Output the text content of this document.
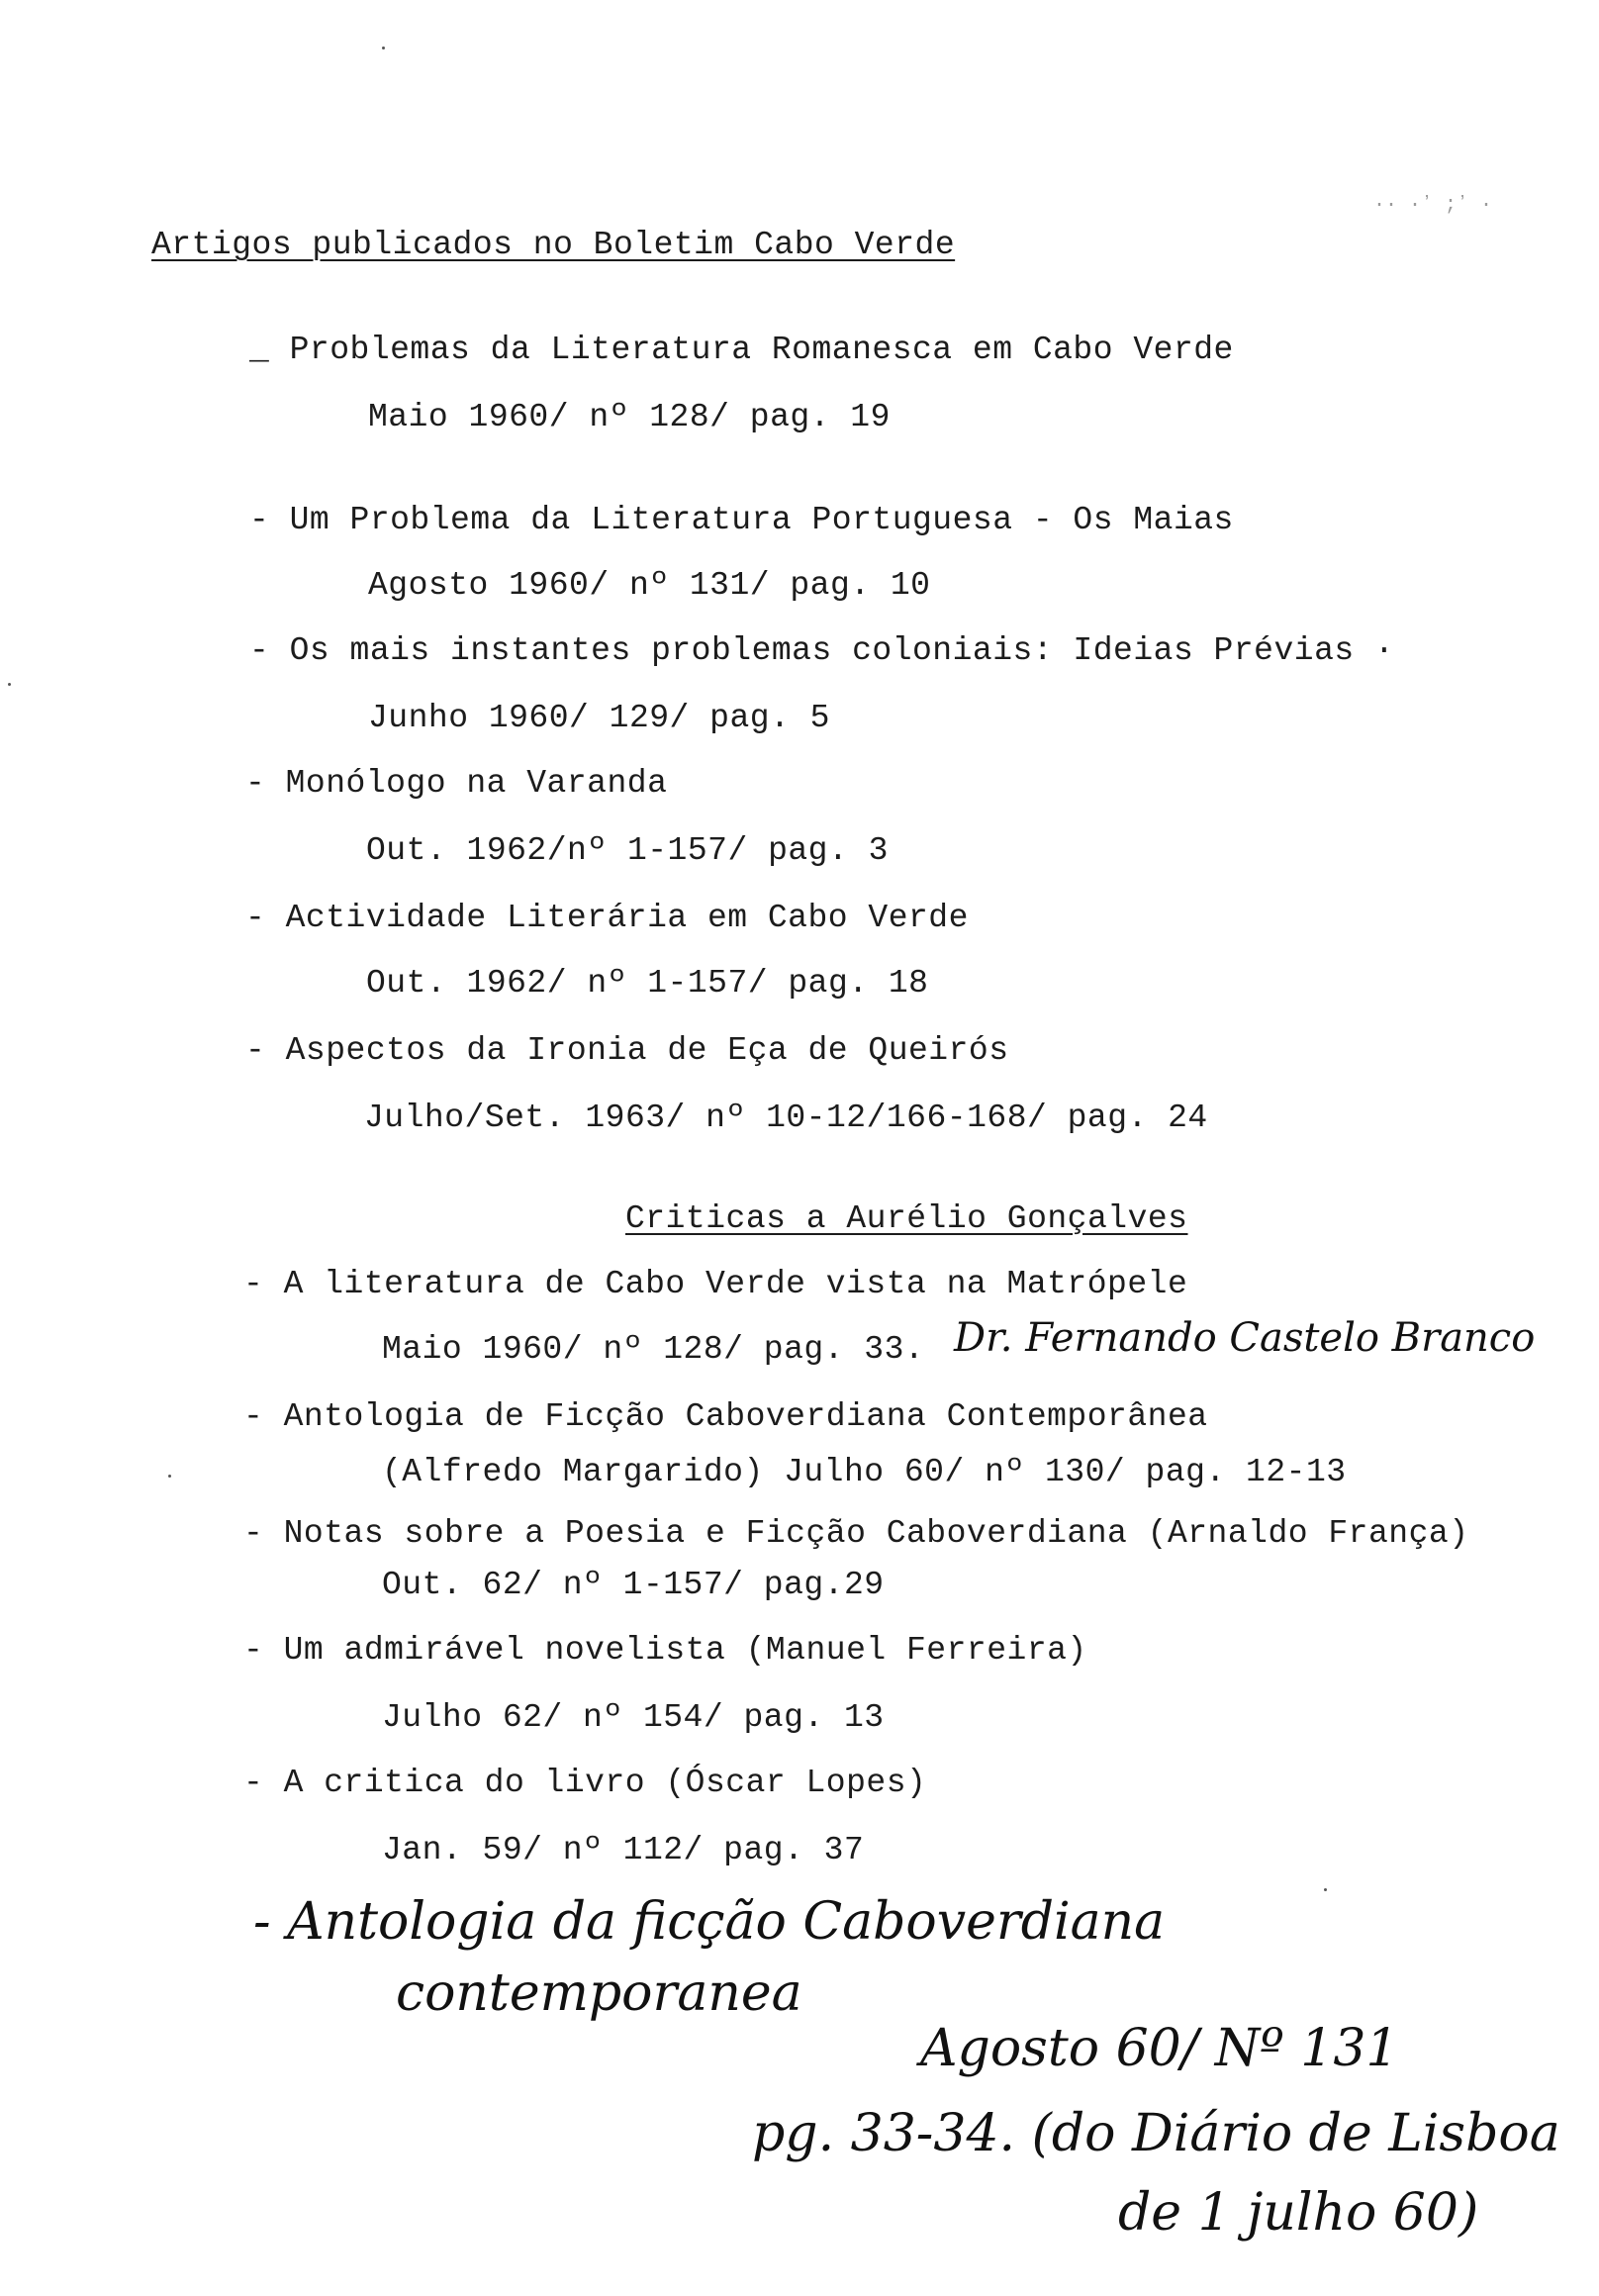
·· ·ʼ ;ʼ ·
Artigos publicados no Boletim Cabo Verde
_ Problemas da Literatura Romanesca em Cabo Verde
Maio 1960/ nº 128/ pag. 19
- Um Problema da Literatura Portuguesa - Os Maias
Agosto 1960/ nº 131/ pag. 10
- Os mais instantes problemas coloniais: Ideias Prévias ·
Junho 1960/ 129/ pag. 5
- Monólogo na Varanda
Out. 1962/nº 1-157/ pag. 3
- Actividade Literária em Cabo Verde
Out. 1962/ nº 1-157/ pag. 18
- Aspectos da Ironia de Eça de Queirós
Julho/Set. 1963/ nº 10-12/166-168/ pag. 24
Criticas a Aurélio Gonçalves
- A literatura de Cabo Verde vista na Matrópele
Maio 1960/ nº 128/ pag. 33. Dr. Fernando Castelo Branco
- Antologia de Ficção Caboverdiana Contemporânea
(Alfredo Margarido) Julho 60/ nº 130/ pag. 12-13
- Notas sobre a Poesia e Ficção Caboverdiana (Arnaldo França)
Out. 62/ nº 1-157/ pag.29
- Um admirável novelista (Manuel Ferreira)
Julho 62/ nº 154/ pag. 13
- A critica do livro (Óscar Lopes)
Jan. 59/ nº 112/ pag. 37
- Antologia da ficção Caboverdiana
contemporanea
Agosto 60/ Nº 131
pg. 33-34. (do Diário de Lisboa
de 1 julho 60)
